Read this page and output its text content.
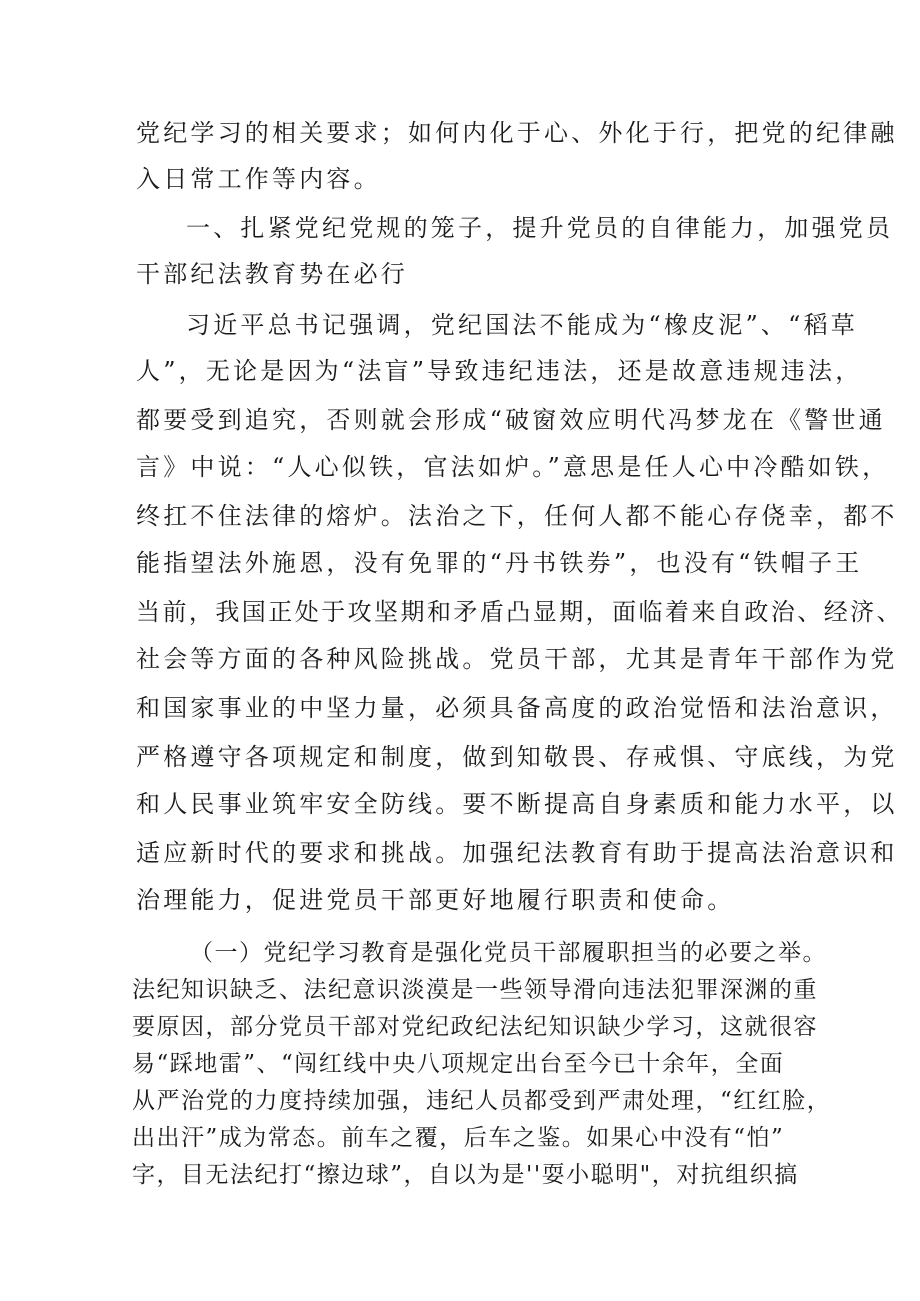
党纪学习的相关要求；如何内化于心、外化于行，把党的纪律融
入日常工作等内容。
一、扎紧党纪党规的笼子，提升党员的自律能力，加强党员
干部纪法教育势在必行
习近平总书记强调，党纪国法不能成为“橡皮泥”、“稻草
人”，无论是因为“法盲”导致违纪违法，还是故意违规违法，
都要受到追究，否则就会形成“破窗效应明代冯梦龙在《警世通
言》中说：“人心似铁，官法如炉。”意思是任人心中冷酷如铁，
终扛不住法律的熔炉。法治之下，任何人都不能心存侥幸，都不
能指望法外施恩，没有免罪的“丹书铁券”，也没有“铁帽子王
当前，我国正处于攻坚期和矛盾凸显期，面临着来自政治、经济、
社会等方面的各种风险挑战。党员干部，尤其是青年干部作为党
和国家事业的中坚力量，必须具备高度的政治觉悟和法治意识，
严格遵守各项规定和制度，做到知敬畏、存戒惧、守底线，为党
和人民事业筑牢安全防线。要不断提高自身素质和能力水平，以
适应新时代的要求和挑战。加强纪法教育有助于提高法治意识和
治理能力，促进党员干部更好地履行职责和使命。
（一）党纪学习教育是强化党员干部履职担当的必要之举。
法纪知识缺乏、法纪意识淡漠是一些领导滑向违法犯罪深渊的重
要原因，部分党员干部对党纪政纪法纪知识缺少学习，这就很容
易“踩地雷”、“闯红线中央八项规定出台至今已十余年，全面
从严治党的力度持续加强，违纪人员都受到严肃处理，“红红脸，
出出汗”成为常态。前车之覆，后车之鉴。如果心中没有“怕”
字，目无法纪打“擦边球”，自以为是''耍小聪明"，对抗组织搞
